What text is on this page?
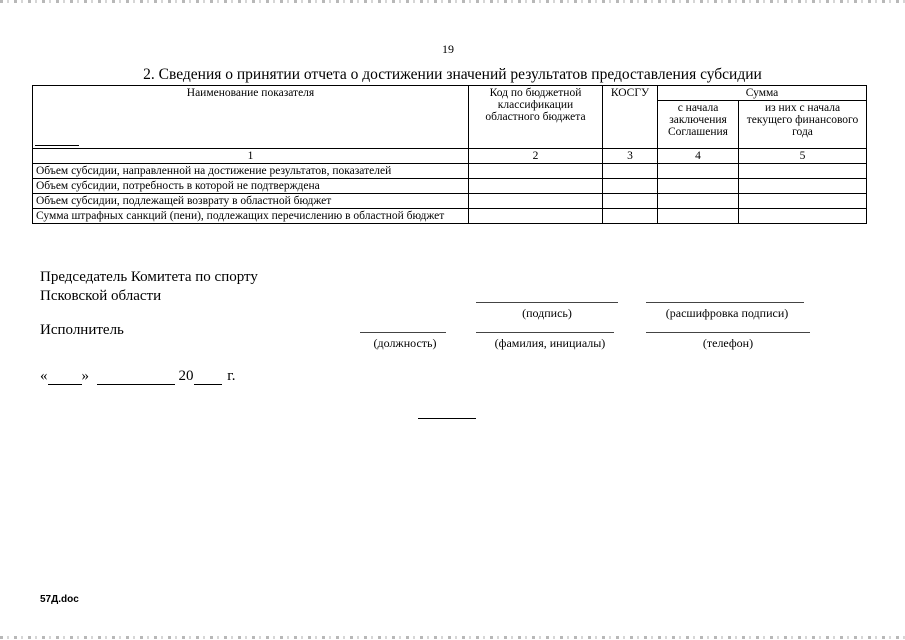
19
2. Сведения о принятии отчета о достижении значений результатов предоставления субсидии
Наименование показателя	Код по бюджетной классификации областного бюджета	КОСГУ	Сумма	
			с начала заключения Соглашения	из них с начала текущего финансового года
1	2	3	4	5
Объем субсидии, направленной на достижение результатов, показателей				
Объем субсидии, потребность в которой не подтверждена				
Объем субсидии, подлежащей возврату в областной бюджет				
Сумма штрафных санкций (пени), подлежащих перечислению в областной бюджет				
Председатель Комитета по спорту
Псковской области
(подпись)	(расшифровка подписи)
Исполнитель
(должность)	(фамилия, инициалы)	(телефон)
« »	20 г.
57Д.doc
